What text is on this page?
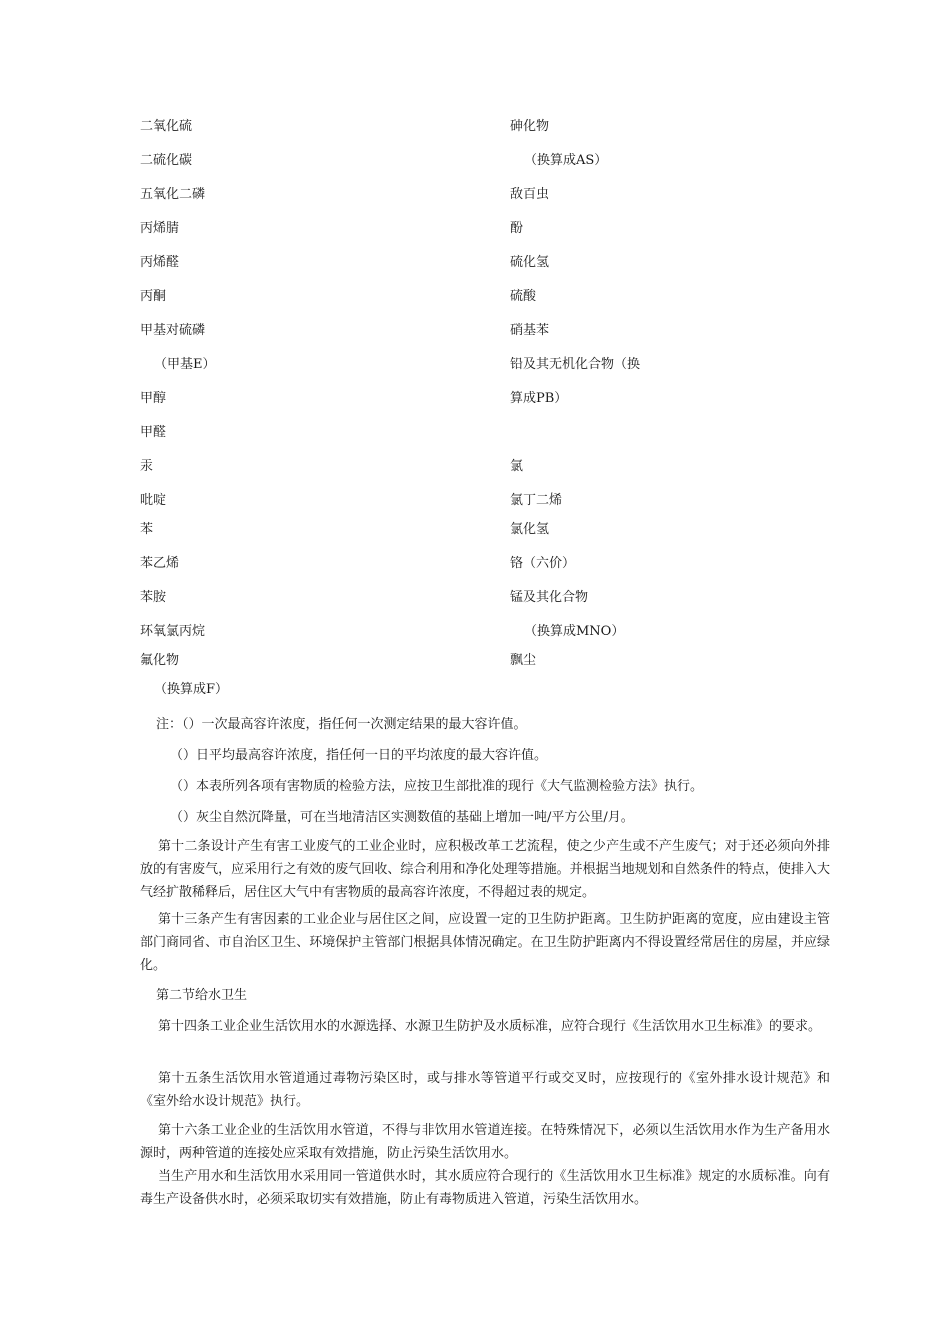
二氧化硫
二硫化碳
五氧化二磷
丙烯腈
丙烯醛
丙酮
甲基对硫磷
（甲基E）
甲醇
甲醛
汞
吡啶
苯
苯乙烯
苯胺
环氧氯丙烷
氟化物
（换算成F）
砷化物
（换算成AS）
敌百虫
酚
硫化氢
硫酸
硝基苯
铅及其无机化合物（换
算成PB）
氯
氯丁二烯
氯化氢
铬（六价）
锰及其化合物
（换算成MNO）
飘尘
注：（）一次最高容许浓度，指任何一次测定结果的最大容许值。
（）日平均最高容许浓度，指任何一日的平均浓度的最大容许值。
（）本表所列各项有害物质的检验方法，应按卫生部批准的现行《大气监测检验方法》执行。
（）灰尘自然沉降量，可在当地清洁区实测数值的基础上增加一吨/平方公里/月。
第十二条设计产生有害工业废气的工业企业时，应积极改革工艺流程，使之少产生或不产生废气；对于还必须向外排放的有害废气，应采用行之有效的废气回收、综合利用和净化处理等措施。并根据当地规划和自然条件的特点，使排入大气经扩散稀释后，居住区大气中有害物质的最高容许浓度，不得超过表的规定。
第十三条产生有害因素的工业企业与居住区之间，应设置一定的卫生防护距离。卫生防护距离的宽度，应由建设主管部门商同省、市自治区卫生、环境保护主管部门根据具体情况确定。在卫生防护距离内不得设置经常居住的房屋，并应绿化。
第二节给水卫生
第十四条工业企业生活饮用水的水源选择、水源卫生防护及水质标准，应符合现行《生活饮用水卫生标准》的要求。
第十五条生活饮用水管道通过毒物污染区时，或与排水等管道平行或交叉时，应按现行的《室外排水设计规范》和《室外给水设计规范》执行。
第十六条工业企业的生活饮用水管道，不得与非饮用水管道连接。在特殊情况下，必须以生活饮用水作为生产备用水源时，两种管道的连接处应采取有效措施，防止污染生活饮用水。
当生产用水和生活饮用水采用同一管道供水时，其水质应符合现行的《生活饮用水卫生标准》规定的水质标准。向有毒生产设备供水时，必须采取切实有效措施，防止有毒物质进入管道，污染生活饮用水。
